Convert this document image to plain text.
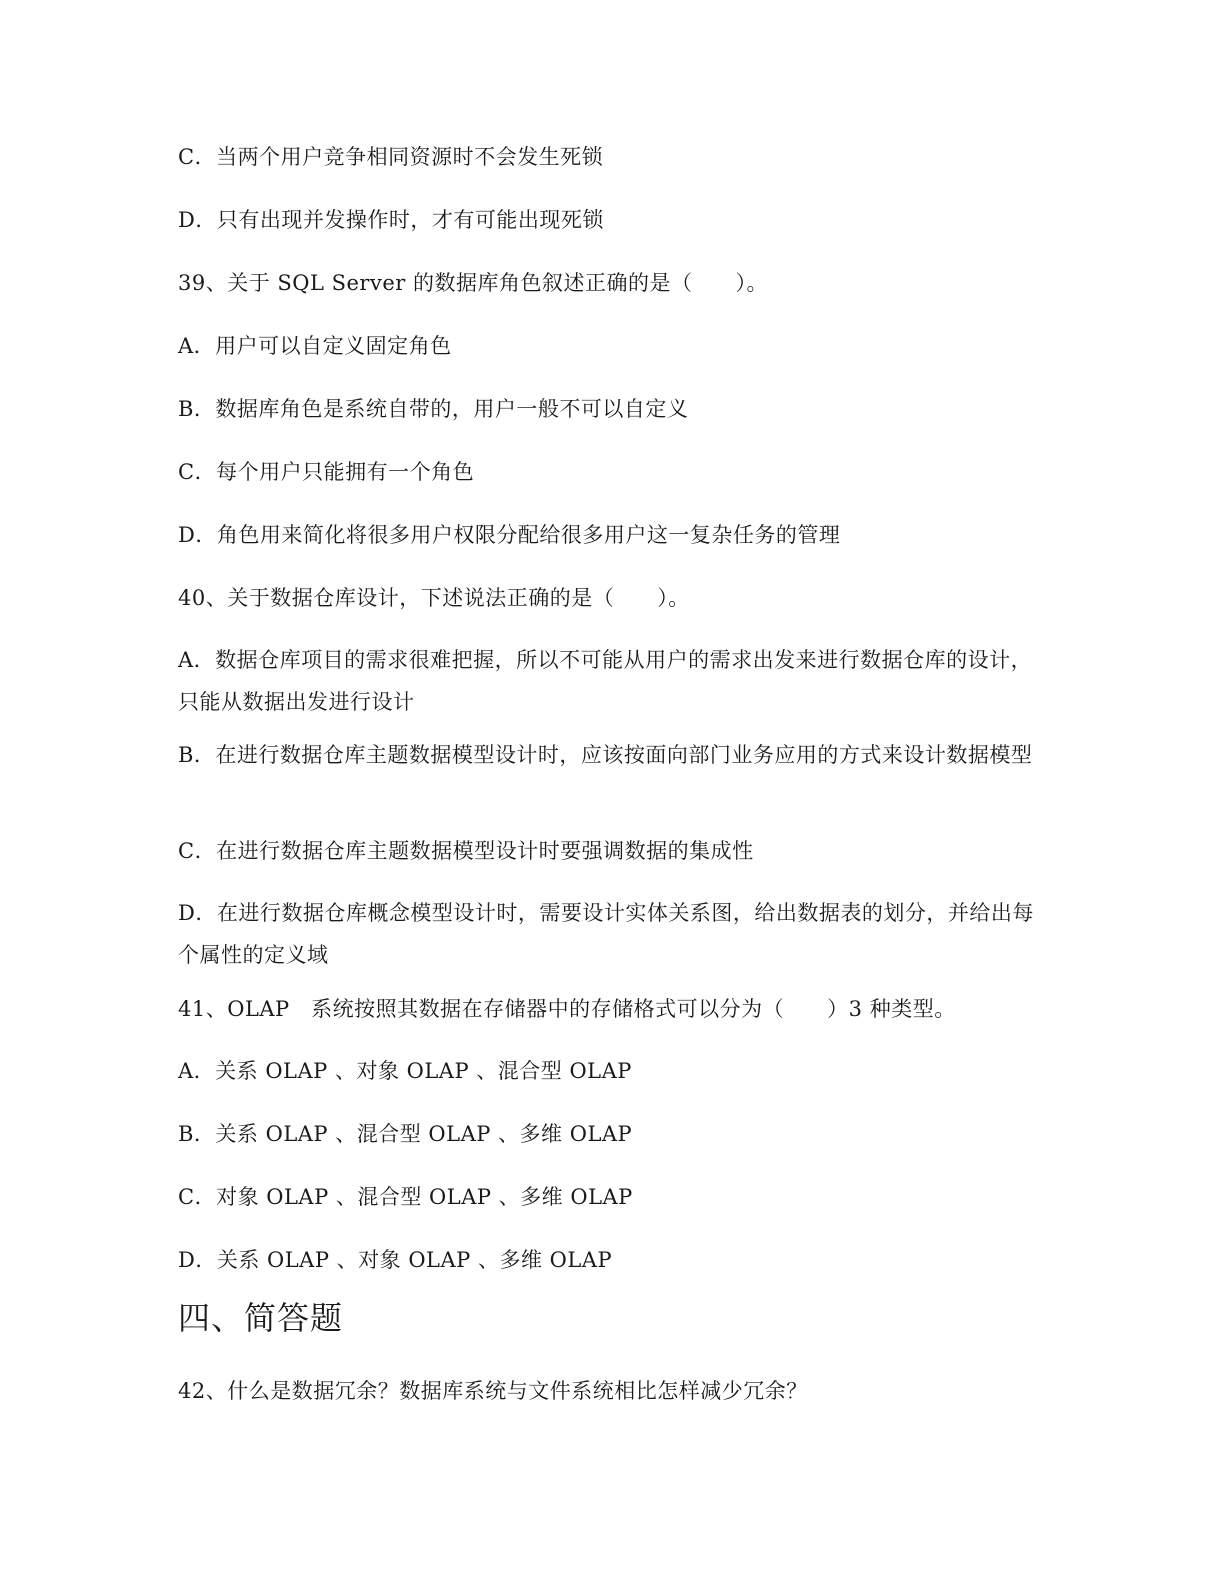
C．当两个用户竞争相同资源时不会发生死锁
D．只有出现并发操作时，才有可能出现死锁
39、关于 SQL Server 的数据库角色叙述正确的是（　　）。
A．用户可以自定义固定角色
B．数据库角色是系统自带的，用户一般不可以自定义
C．每个用户只能拥有一个角色
D．角色用来简化将很多用户权限分配给很多用户这一复杂任务的管理
40、关于数据仓库设计，下述说法正确的是（　　）。
A．数据仓库项目的需求很难把握，所以不可能从用户的需求出发来进行数据仓库的设计，只能从数据出发进行设计
B．在进行数据仓库主题数据模型设计时，应该按面向部门业务应用的方式来设计数据模型
C．在进行数据仓库主题数据模型设计时要强调数据的集成性
D．在进行数据仓库概念模型设计时，需要设计实体关系图，给出数据表的划分，并给出每个属性的定义域
41、OLAP　系统按照其数据在存储器中的存储格式可以分为（　　）3 种类型。
A．关系 OLAP 、对象 OLAP 、混合型 OLAP
B．关系 OLAP 、混合型 OLAP 、多维 OLAP
C．对象 OLAP 、混合型 OLAP 、多维 OLAP
D．关系 OLAP 、对象 OLAP 、多维 OLAP
四、简答题
42、什么是数据冗余？数据库系统与文件系统相比怎样减少冗余？
